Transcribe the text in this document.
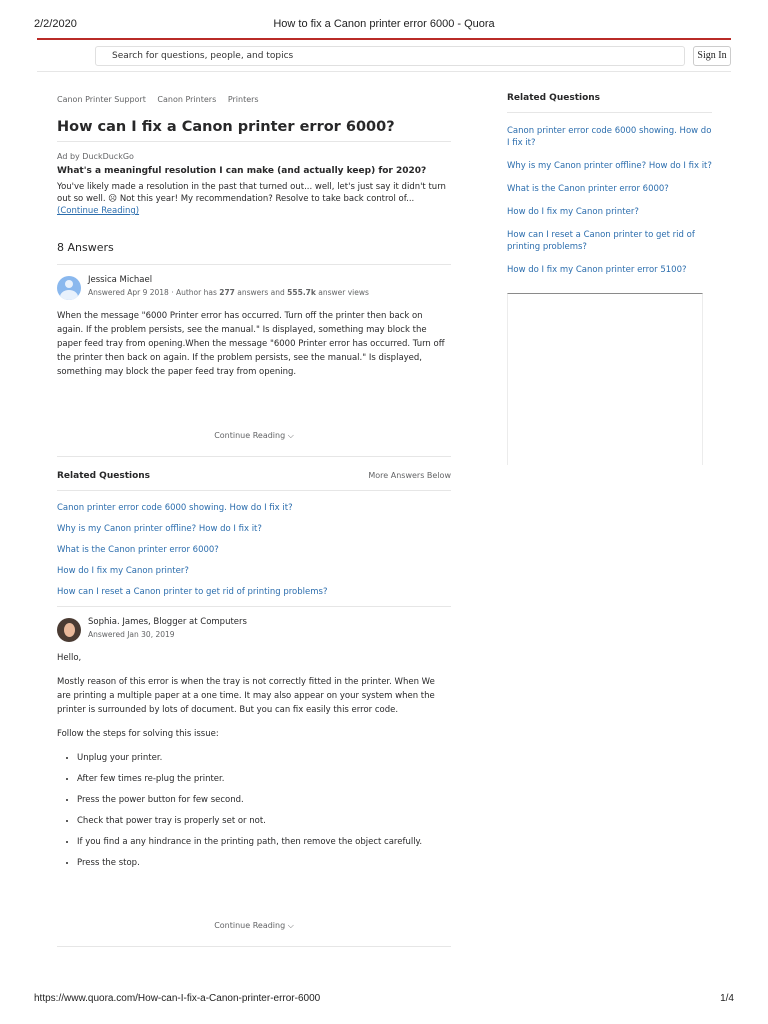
2/2/2020	How to fix a Canon printer error 6000 - Quora
Search for questions, people, and topics	Sign In
Canon Printer Support Canon Printers Printers
How can I fix a Canon printer error 6000?
Ad by DuckDuckGo
What's a meaningful resolution I can make (and actually keep) for 2020?
You've likely made a resolution in the past that turned out... well, let's just say it didn't turn out so well. ☹ Not this year! My recommendation? Resolve to take back control of...
(Continue Reading)
8 Answers
Jessica Michael
Answered Apr 9 2018 · Author has 277 answers and 555.7k answer views
When the message "6000 Printer error has occurred. Turn off the printer then back on again. If the problem persists, see the manual." Is displayed, something may block the paper feed tray from opening.When the message "6000 Printer error has occurred. Turn off the printer then back on again. If the problem persists, see the manual." Is displayed, something may block the paper feed tray from opening.
Continue Reading ⌵
Related Questions	More Answers Below
Canon printer error code 6000 showing. How do I fix it?
Why is my Canon printer offline? How do I fix it?
What is the Canon printer error 6000?
How do I fix my Canon printer?
How can I reset a Canon printer to get rid of printing problems?
Sophia. James, Blogger at Computers
Answered Jan 30, 2019

Hello,

Mostly reason of this error is when the tray is not correctly fitted in the printer. When We are printing a multiple paper at a one time. It may also appear on your system when the printer is surrounded by lots of document. But you can fix easily this error code.

Follow the steps for solving this issue:

• Unplug your printer.
• After few times re-plug the printer.
• Press the power button for few second.
• Check that power tray is properly set or not.
• If you find a any hindrance in the printing path, then remove the object carefully.
• Press the stop.
Continue Reading ⌵
Related Questions
Canon printer error code 6000 showing. How do I fix it?
Why is my Canon printer offline? How do I fix it?
What is the Canon printer error 6000?
How do I fix my Canon printer?
How can I reset a Canon printer to get rid of printing problems?
How do I fix my Canon printer error 5100?
https://www.quora.com/How-can-I-fix-a-Canon-printer-error-6000	1/4
